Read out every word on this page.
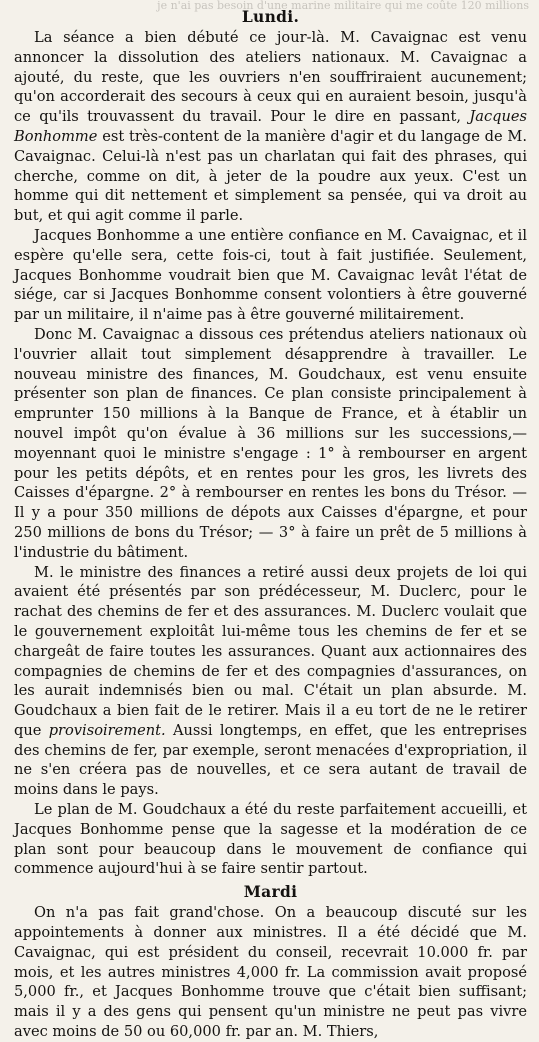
je n'ai pas besoin d'une marine militaire qui me coûte 120 millions
Lundi.

La séance a bien débuté ce jour-là. M. Cavaignac est venu annoncer la dissolution des ateliers nationaux. M. Cavaignac a ajouté, du reste, que les ouvriers n'en souffriraient aucunement; qu'on accorderait des secours à ceux qui en auraient besoin, jusqu'à ce qu'ils trouvassent du travail. Pour le dire en passant, Jacques Bonhomme est très-content de la manière d'agir et du langage de M. Cavaignac. Celui-là n'est pas un charlatan qui fait des phrases, qui cherche, comme on dit, à jeter de la poudre aux yeux. C'est un homme qui dit nettement et simplement sa pensée, qui va droit au but, et qui agit comme il parle.

Jacques Bonhomme a une entière confiance en M. Cavaignac, et il espère qu'elle sera, cette fois-ci, tout à fait justifiée. Seulement, Jacques Bonhomme voudrait bien que M. Cavaignac levât l'état de siége, car si Jacques Bonhomme consent volontiers à être gouverné par un militaire, il n'aime pas à être gouverné militairement.

Donc M. Cavaignac a dissous ces prétendus ateliers nationaux où l'ouvrier allait tout simplement désapprendre à travailler. Le nouveau ministre des finances, M. Goudchaux, est venu ensuite présenter son plan de finances. Ce plan consiste principalement à emprunter 150 millions à la Banque de France, et à établir un nouvel impôt qu'on évalue à 36 millions sur les successions,—moyennant quoi le ministre s'engage : 1° à rembourser en argent pour les petits dépôts, et en rentes pour les gros, les livrets des Caisses d'épargne. 2° à rembourser en rentes les bons du Trésor. — Il y a pour 350 millions de dépots aux Caisses d'épargne, et pour 250 millions de bons du Trésor; — 3° à faire un prêt de 5 millions à l'industrie du bâtiment.

M. le ministre des finances a retiré aussi deux projets de loi qui avaient été présentés par son prédécesseur, M. Duclerc, pour le rachat des chemins de fer et des assurances. M. Duclerc voulait que le gouvernement exploitât lui-même tous les chemins de fer et se chargeât de faire toutes les assurances. Quant aux actionnaires des compagnies de chemins de fer et des compagnies d'assurances, on les aurait indemnisés bien ou mal. C'était un plan absurde. M. Goudchaux a bien fait de le retirer. Mais il a eu tort de ne le retirer que provisoirement. Aussi longtemps, en effet, que les entreprises des chemins de fer, par exemple, seront menacées d'expropriation, il ne s'en créera pas de nouvelles, et ce sera autant de travail de moins dans le pays.

Le plan de M. Goudchaux a été du reste parfaitement accueilli, et Jacques Bonhomme pense que la sagesse et la modération de ce plan sont pour beaucoup dans le mouvement de confiance qui commence aujourd'hui à se faire sentir partout.

Mardi

On n'a pas fait grand'chose. On a beaucoup discuté sur les appointements à donner aux ministres. Il a été décidé que M. Cavaignac, qui est président du conseil, recevrait 10.000 fr. par mois, et les autres ministres 4,000 fr. La commission avait proposé 5,000 fr., et Jacques Bonhomme trouve que c'était bien suffisant; mais il y a des gens qui pensent qu'un ministre ne peut pas vivre avec moins de 50 ou 60,000 fr. par an. M. Thiers,
